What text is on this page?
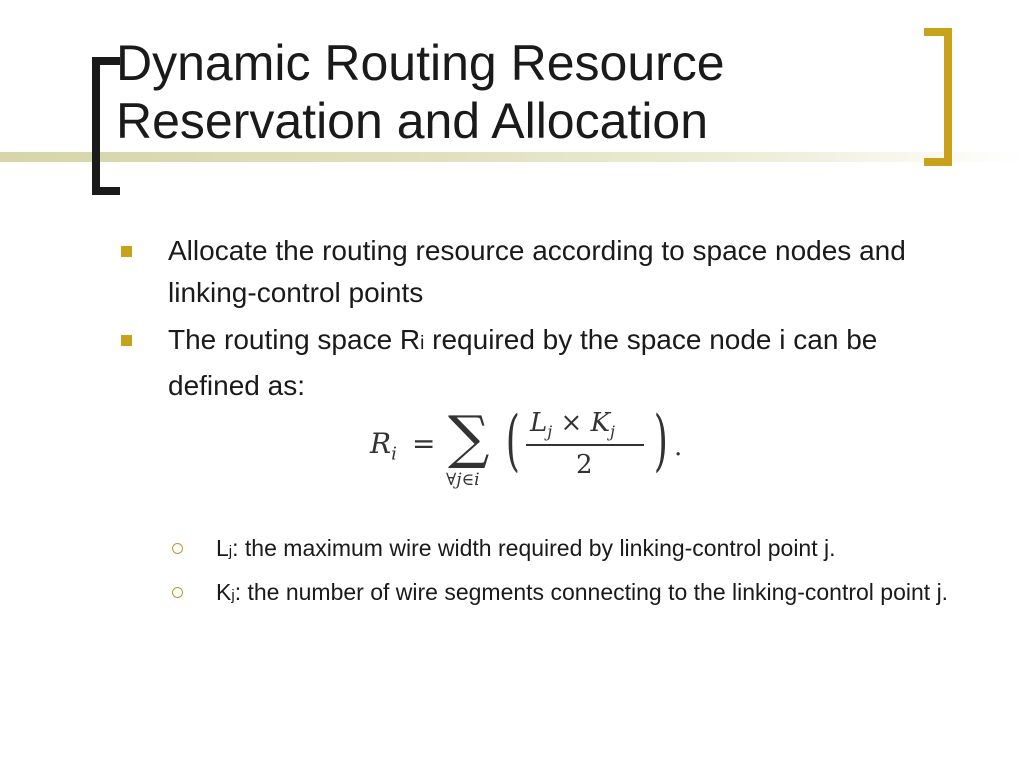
Dynamic Routing Resource
Reservation and Allocation
Allocate the routing resource according to space nodes and linking-control points
The routing space Ri required by the space node i can be defined as:
$R_i$ = ∑
∀j∈i
( $L_j \times K_j$
2 ) .
Lj: the maximum wire width required by linking-control point j.
Kj: the number of wire segments connecting to the linking-control point j.
